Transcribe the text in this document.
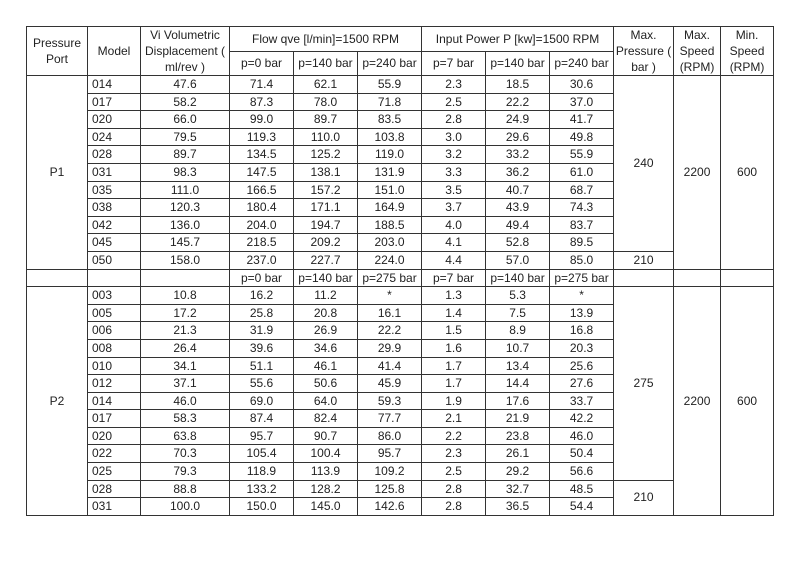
Pressure Port	Model	Vi Volumetric Displacement ( ml/rev )	Flow qve [l/min]=1500 RPM			Input Power P [kw]=1500 RPM			Max. Pressure ( bar )	Max. Speed (RPM)	Min. Speed (RPM)
			p=0 bar	p=140 bar	p=240 bar	p=7 bar	p=140 bar	p=240 bar			
P1	014	47.6	71.4	62.1	55.9	2.3	18.5	30.6	240	2200	600
	017	58.2	87.3	78.0	71.8	2.5	22.2	37.0			
	020	66.0	99.0	89.7	83.5	2.8	24.9	41.7			
	024	79.5	119.3	110.0	103.8	3.0	29.6	49.8			
	028	89.7	134.5	125.2	119.0	3.2	33.2	55.9			
	031	98.3	147.5	138.1	131.9	3.3	36.2	61.0			
	035	111.0	166.5	157.2	151.0	3.5	40.7	68.7			
	038	120.3	180.4	171.1	164.9	3.7	43.9	74.3			
	042	136.0	204.0	194.7	188.5	4.0	49.4	83.7			
	045	145.7	218.5	209.2	203.0	4.1	52.8	89.5			
	050	158.0	237.0	227.7	224.0	4.4	57.0	85.0	210		
			p=0 bar	p=140 bar	p=275 bar	p=7 bar	p=140 bar	p=275 bar			
P2	003	10.8	16.2	11.2	*	1.3	5.3	*	275	2200	600
	005	17.2	25.8	20.8	16.1	1.4	7.5	13.9			
	006	21.3	31.9	26.9	22.2	1.5	8.9	16.8			
	008	26.4	39.6	34.6	29.9	1.6	10.7	20.3			
	010	34.1	51.1	46.1	41.4	1.7	13.4	25.6			
	012	37.1	55.6	50.6	45.9	1.7	14.4	27.6			
	014	46.0	69.0	64.0	59.3	1.9	17.6	33.7			
	017	58.3	87.4	82.4	77.7	2.1	21.9	42.2			
	020	63.8	95.7	90.7	86.0	2.2	23.8	46.0			
	022	70.3	105.4	100.4	95.7	2.3	26.1	50.4			
	025	79.3	118.9	113.9	109.2	2.5	29.2	56.6			
	028	88.8	133.2	128.2	125.8	2.8	32.7	48.5	210		
	031	100.0	150.0	145.0	142.6	2.8	36.5	54.4			
